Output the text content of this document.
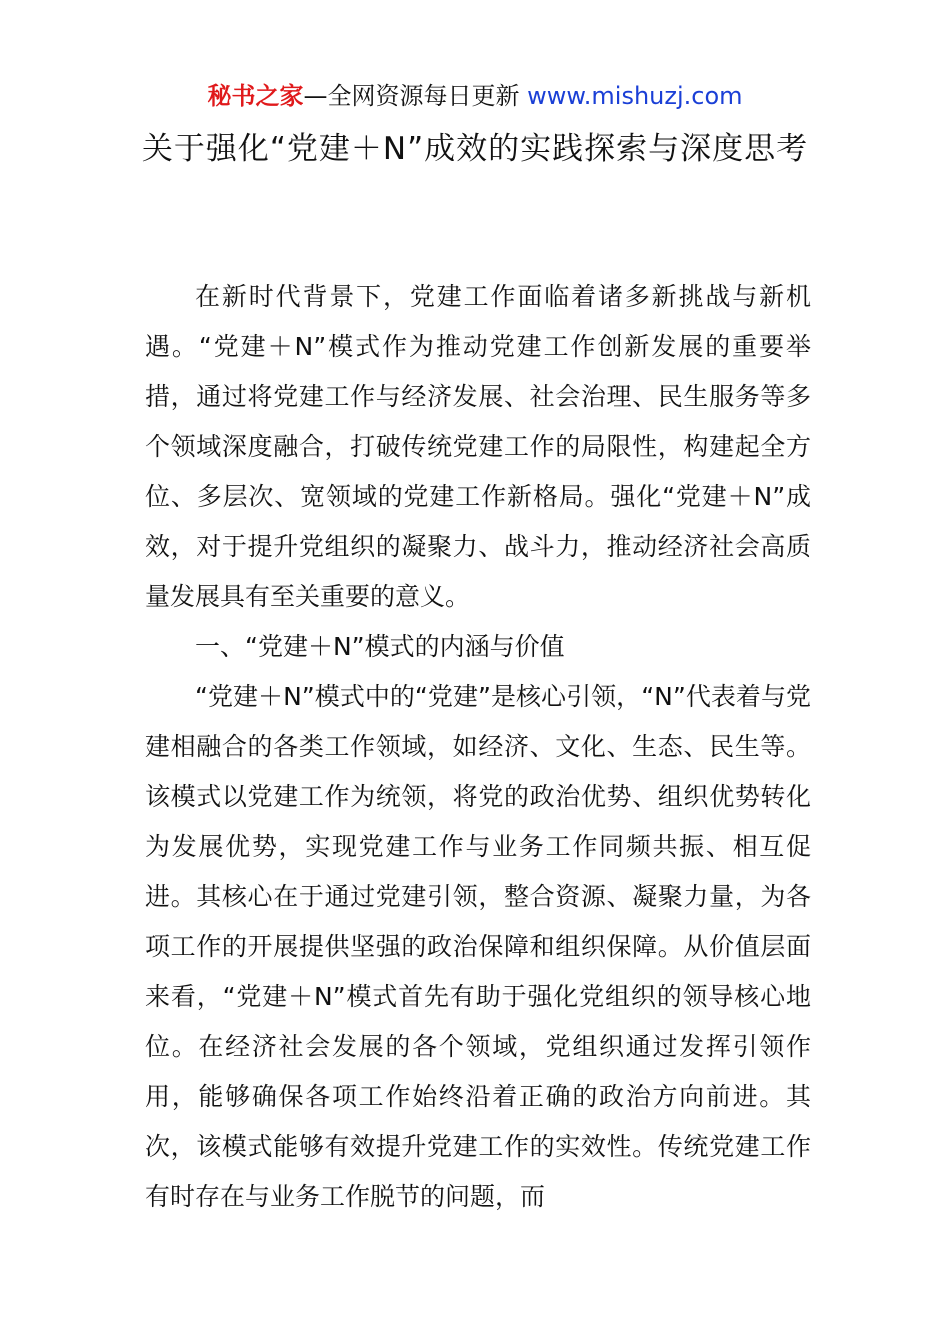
秘书之家—全网资源每日更新 www.mishuzj.com
关于强化“党建＋N”成效的实践探索与深度思考

在新时代背景下，党建工作面临着诸多新挑战与新机遇。“党建＋N”模式作为推动党建工作创新发展的重要举措，通过将党建工作与经济发展、社会治理、民生服务等多个领域深度融合，打破传统党建工作的局限性，构建起全方位、多层次、宽领域的党建工作新格局。强化“党建＋N”成效，对于提升党组织的凝聚力、战斗力，推动经济社会高质量发展具有至关重要的意义。

一、“党建＋N”模式的内涵与价值

“党建＋N”模式中的“党建”是核心引领，“N”代表着与党建相融合的各类工作领域，如经济、文化、生态、民生等。该模式以党建工作为统领，将党的政治优势、组织优势转化为发展优势，实现党建工作与业务工作同频共振、相互促进。其核心在于通过党建引领，整合资源、凝聚力量，为各项工作的开展提供坚强的政治保障和组织保障。从价值层面来看，“党建＋N”模式首先有助于强化党组织的领导核心地位。在经济社会发展的各个领域，党组织通过发挥引领作用，能够确保各项工作始终沿着正确的政治方向前进。其次，该模式能够有效提升党建工作的实效性。传统党建工作有时存在与业务工作脱节的问题，而
